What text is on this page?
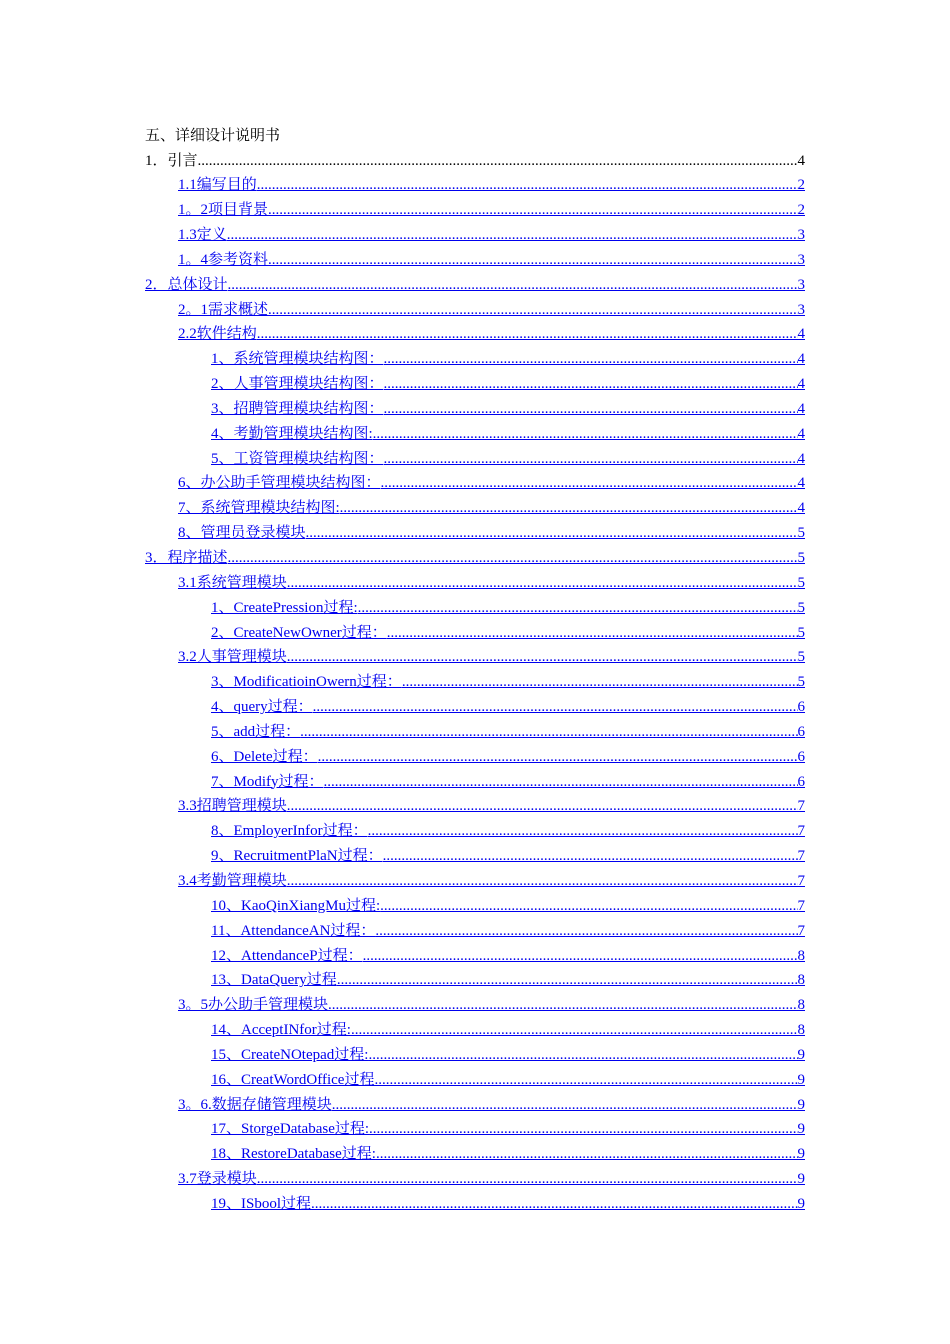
五、详细设计说明书
1．引言 .....	4
1.1编写目的 .....	2
1。2项目背景 .....	2
1.3定义 .....	3
1。4参考资料 .....	3
2．总体设计 .....	3
2。1需求概述 .....	3
2.2软件结构 .....	4
1、系统管理模块结构图： .....	4
2、人事管理模块结构图： .....	4
3、招聘管理模块结构图： .....	4
4、考勤管理模块结构图: .....	4
5、工资管理模块结构图： .....	4
6、办公助手管理模块结构图： .....	4
7、系统管理模块结构图: .....	4
8、管理员登录模块 .....	5
3．程序描述 .....	5
3.1系统管理模块 .....	5
1、CreatePression过程: .....	5
2、CreateNewOwner过程： .....	5
3.2人事管理模块 .....	5
3、ModificatioinOwern过程： .....	5
4、query过程： .....	6
5、add过程： .....	6
6、Delete过程： .....	6
7、Modify过程： .....	6
3.3招聘管理模块 .....	7
8、EmployerInfor过程： .....	7
9、RecruitmentPlaN过程： .....	7
3.4考勤管理模块 .....	7
10、KaoQinXiangMu过程: .....	7
11、AttendanceAN过程： .....	7
12、AttendanceP过程： .....	8
13、DataQuery过程 .....	8
3。5办公助手管理模块 .....	8
14、AcceptINfor过程: .....	8
15、CreateNOtepad过程: .....	9
16、CreatWordOffice过程 .....	9
3。6.数据存储管理模块 .....	9
17、StorgeDatabase过程: .....	9
18、RestoreDatabase过程: .....	9
3.7登录模块 .....	9
19、ISbool过程 .....	9
